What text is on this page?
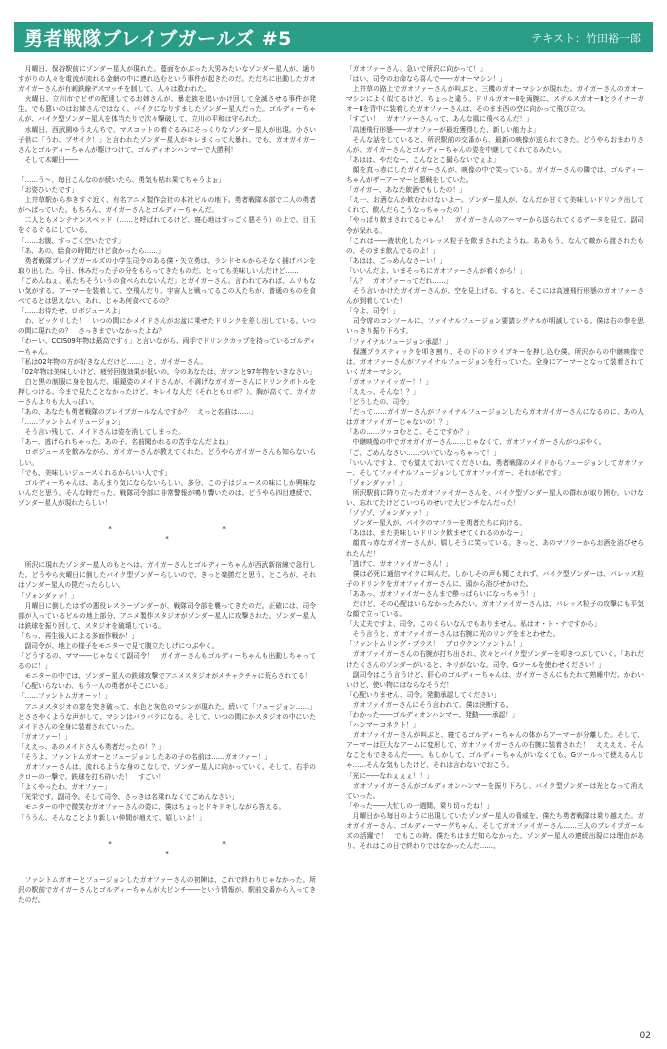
勇者戦隊ブレイブガールズ #5	テキスト：竹田裕一郎

　月曜日、保谷駅前にゾンダー星人が現れた。蔓面をかぶった大男みたいなゾンダー星人が、通りすがりの人々を電流が流れる金網の中に連れ込むという事件が起きたのだ。ただちに出動したガオガイガーさんが有刺鉄線デスマッチを制して、人々は救われた。

　火曜日、立川市でピザの配達してるお姉さんが、暴走族を追いかけ回して全滅させる事件が発生。でも悪いのはお姉さんではなく、バイクになりすましたゾンダー星人だった。ゴルディーちゃんが、バイク型ゾンダー星人を体当たりで次々撃破して、立川の平和は守られた。

　水曜日、西武園ゆうえんちで、マスコットの着ぐるみにそっくりなゾンダー星人が出現。小さい子供に「うわ、ブサイク！」と言われたゾンダー星人がキレまくって大暴れ。でも、ガオガイガーさんとゴルディーちゃんが駆けつけて、ゴルディオンハンマーで大勝利！

　そして木曜日――

「……う～、毎日こんなのが続いたら、勇気も枯れ果てちゃうよぉ」

「お姿ひいたです」

　上井草駅から歩きすぐ近く、有名アニメ製作会社の本社ビルの地下。勇者戦隊本部で二人の勇者がへばっていた。もちろん、ガイガーさんとゴルディーちゃんだ。

　二人ともメンテナンスベッド（……と呼ばれてるけど、寝心地はすっごく悪そう）の上で、目玉をぐるぐるにしている。

「……お腹、すっごく空いたです」

「あ、あの、給食の時間だけど食かったら……」

　勇者戦隊ブレイブガールズの小学生司令のある僕・矢立勇は、ランドセルからそなく捕げパンを取り出した。今日、休みだった子の分をもらってきたものだ。とっても美味しいんだけど……

「ごめんねぇ、私たちそういうの食べられないんだ」とガイガーさん。言われてみれば、ムリもない気がする。アーマーを装着して、空飛んだり、宇宙人と戦ってるこの人たちが、普通のものを食べてるとは思えない。あれ、じゃあ何食べてるの？

「……お待たせ、ロボジュースよ」

　わ、ビックリした！　いつの間にかメイドさんがお盆に乗せたドリンクを差し出している。いつの間に現れたの？　さっきまでいなかったよね？

「わーい、CCIS09年物は最高ですぅ」と言いながら、両手でドリンクカップを持っているゴルディーちゃん。

「私は02年物の方が好きなんだけど……」と、ガイガーさん。

「02年物は美味しいけど、疲労回復効果が低いの。今のあなたは、ガツンと97年物をいきなさい」

　白と黒の制服に身を包んだ、眼鏡姿のメイドさんが、不満げなガイガーさんにドリンクボトルを押しつける。今まで見たことなかったけど、キレイな人だ（それともロボ？）。胸が高くて、ガイガーさんよりも大人っぽい。

「あの、あなたも勇者戦隊のブレイブガールなんですか？　えっと名前は……」

「……ファントムイリュージョン」

　そう言い残して、メイドさんは姿を消してしまった。

「あー、逃げられちゃった。あの子、名前聞かれるの苦手なんだよね」

　ロボジュースを飲みながら、ガイガーさんが教えてくれた。どうやらガイガーさんも知らないらしい。

「でも、美味しいジュースくれるからいい人です」

　ゴルディーちゃんは、あんまり気にならないらしい。多分、この子はジュースの味にしか興味ないんだと思う。そんな時だった、戦隊司令部に非常警報が鳴り響いたのは。どうやら四目連続で、ゾンダー星人が現れたらしい！

*　*　*

　所沢に現れたゾンダー星人のもとへは、ガイガーさんとゴルディーちゃんが西武新宿線で急行した。どうやら火曜日に倒したバイク型ゾンダーらしいので、きっと楽勝だと思う。ところが、それはゾンダー星人の罠だったらしい。

「ゾォンダァァ！」

　月曜日に倒したはずの悪役レスラーゾンダーが、戦隊司令部を襲ってきたのだ。正確には、司令部が入っているビルの地上部分、アニメ製作スタジオがゾンダー星人に攻撃された。ゾンダー星人は鉄球を振り回して、スタジオを破壊している。

「ちっ、再生後人による多面作戦か！」

　副司令が、地上の様子をモニターで見て腹立たしげにつぶやく。

「どうするの、ママ――じゃなくて副司令！　ガイガーさんもゴルディーちゃんも出動しちゃってるのに！」

　モニターの中では、ゾンダー星人の鉄球攻撃でアニメスタジオがメチャクチャに荒らされてる！

「心配いらないわ、もう一人の勇者がそこにいる」

「……ファントムガオーッ！」

　アニメスタジオの窓を突き破って、水色と灰色のマシンが現れた。続いて「フュージョン……」とささやくような声がして、マシンはバラバラになる。そして、いつの間にかスタジオの中にいたメイドさんの全身に装着されていった。

「ガオファー！」

「ええっ、あのメイドさんも勇者だったの！？」

「そうよ、ファントムガオーとフュージョンしたあの子の名前は……ガオファー！」

　ガオファーさんは、流れるような身のこなしで、ゾンダー星人に向かっていく。そして、右手のクローの一撃で、鉄球を打ち砕いた！　すごい！

「よくやったわ、ガオファー」

「光栄です、副司令。そして司令、さっきは名乗れなくてごめんなさい」

　モニターの中で微笑むガオファーさんの姿に、僕はちょっとドキドキしながら答える。

「ううん、そんなことより新しい仲間が増えて、嬉しいよ！」

*　*　*

　ファントムガオーとフュージョンしたガオファーさんの初陣は、これで終わりじゃなかった。所沢の駅前でガイガーさんとゴルディーちゃんが大ピンチ――という情報が、駅前交番から入ってきたのだ。

「ガオファーさん、急いで所沢に向かって！」

「はい、司令のお命なら喜んで――ガオーマシン！」

　上井草の路上でガオファーさんが叫ぶと、三機のガオーマシンが現れた。ガイガーさんのガオーマシンによく似てるけど、ちょっと違う。ドリルガオーⅡを両腕に、ステルスガオーⅡとライナーガオーⅡを背中に装着したガオファーさんは、そのまま西の空に向かって飛び立つ。

「すごい！　ガオファーさんって、あんな風に飛べるんだ！」

「高速飛行形態――ガオファーが最近獲得した、新しい能力よ」

　そんな話をしていると、所沢駅前の交番から、最新の映像が送られてきた。どうやらおまわりさんが、ガイガーさんとゴルディーちゃんの姿を中継してくれてるみたい。

「あはは、やだなー、こんなとこ撮らないでぇよ」

　顔を真っ赤にしたガイガーさんが、映像の中で笑っている。ガイガーさんの隣では、ゴルディーちゃんがザーアーマーと悪戦をしていた。

「ガイガー、あなた飲酒でもしたの！」

「え一、お酒なんか飲むわけないよー。ゾンダー星人が、なんだか甘くて美味しいドリンク出してくれて、飲んだらこうなっちゃったの！」

「やっぱり飲まされてるじゃん！　ガイガーさんのアーマーから送られてくるデータを見て、副司令が呆れる。

「これは――液状化したパレッス粒子を飲まされたようね。ああもう、なんて敵から渡されたもの、そのまま飲んでるのよ！」

「あはは、ごっめんなさーい！」

「いいんだよ、いまそっちにガオファーさんが着くから！」

「ん？　ガオファーってだれ……」

　そう言いかけたガイガーさんが、空を見上げる。すると、そこには高速飛行形態のガオファーさんが到着していた！

「今よ、司令！」

　司令席のコンソールに、ファイナルフュージョン要請シグナルが明滅している。僕は右の拳を思いっきり振り下ろす。

「ファイナルフュージョン承認！」

　保護プラスティックを叩き割り、その下のドライブキーを押し込む僕。所沢からの中継映像では、ガオファーさんがファイナルフュージョンを行っていた。全身にアーマーとなって装着されていくガオーマシン。

「ガオッファイッガー！！」

「ええっ、そんな！？」

「どうしたの、司令」

「だって……ガイガーさんがファイナルフュージョンしたらガオガイガーさんになるのに、あの人はガオファイガーじゃないの！？」

「あの……ツッコむとこ、そこですか？」

　中継映像の中でガオガイガーさん……じゃなくて、ガオファイガーさんがつぶやく。

「ご、ごめんなさい……ついていなっちゃって！」

「いいんですよ、でも覚えておいてくださいね。勇者戦隊のメイドからフュージョンしてガオファー、そしてファイナルフュージョンしてガオファイガー、それが私です」

「ゾォンダァァ！」

　所沢駅前に降り立ったガオファイガーさんを、バイク型ゾンダー星人の群れが取り囲む。いけない、忘れてたけどこいつらのせいで大ピンチなんだった！

「ゾゾゾ、ゾォンダァァ！」

　ゾンダー星人が、パイクのマフラーを勇者たちに向ける。

「あはは、また美味しいドリンク飲ませてくれるのかなー」

　顔真っ赤なガイガーさんが、嬉しそうに笑っている。きっと、あのマフラーからお酒を浴びせられたんだ！

「逃げて、ガオファイガーさん！」

　僕は必死に通信マイクに叫んだ。しかしその声も聞こえれず、バイク型ゾンダーは、パレッス粒子のドリンクをガオファイガーさんに、頭から浴びせかけた。

「ああっ、ガオファイガーさんまで酔っぱらいになっちゃう！」

　だけど、その心配はいらなかったみたい。ガオファイガーさんは、パレッス粒子の攻撃にも平気な顔で立っている。

「大丈夫ですよ、司令。このくらいなんでもありません。私はオ・ト・ナですから」

　そう言うと、ガオファイガーさんは右腕に光のリングをまとわせた。

「ファントムリング・プラス！　ブロウクンファントム！」

　ガオファイガーさんの右腕が打ち出され、次々とバイク型ゾンダーを叩きつぶしていく。「あれだけたくさんのゾンダーがいると、キリがないな。司令、Gツールを使わせください！」

　副司令はこう言うけど、肝心のゴルディーちゃんは、ガイガーさんにもたれて熟睡中だ。かわいいけど、使い物にはならなそうだ！

「心配いりません、司令。発動承認してください」

　ガオファイガーさんにそう言われて、僕は決断する。

「わかった――ゴルディオンハンマー、発動――承認！」

「ハンマーコネクト！」

　ガオファイガーさんが叫ぶと、寝てるゴルディーちゃんの体からアーマーが分離した。そして、アーマーは巨大なアームに変形して、ガオファイガーさんの右腕に装着された！　ええええ、そんなこともできるんだ――。もしかして、ゴルディーちゃんがいなくても、Gツールって使えるんじゃ……そんな気もしたけど、それは言わないでおこう。

「光に――なれぇぇぇ！！」

　ガオファイガーさんがゴルディオンハンマーを振り下ろし、バイク型ゾンダーは光となって消えていった。

「やった――大忙しの一週間、乗り切ったね！」

　月曜日から毎日のように出現していたゾンダー星人の脅威を、僕たち勇者戦隊は乗り越えた。ガオガイガーさん、ゴルディーマーグちゃん、そしてガオファイガーさん……三人のブレイブガールズの活躍で！　でもこの時、僕たちはまだ知らなかった。ゾンダー星人の連続出現には理由があり、それはこの日で終わりではなかったんだ……。

02
